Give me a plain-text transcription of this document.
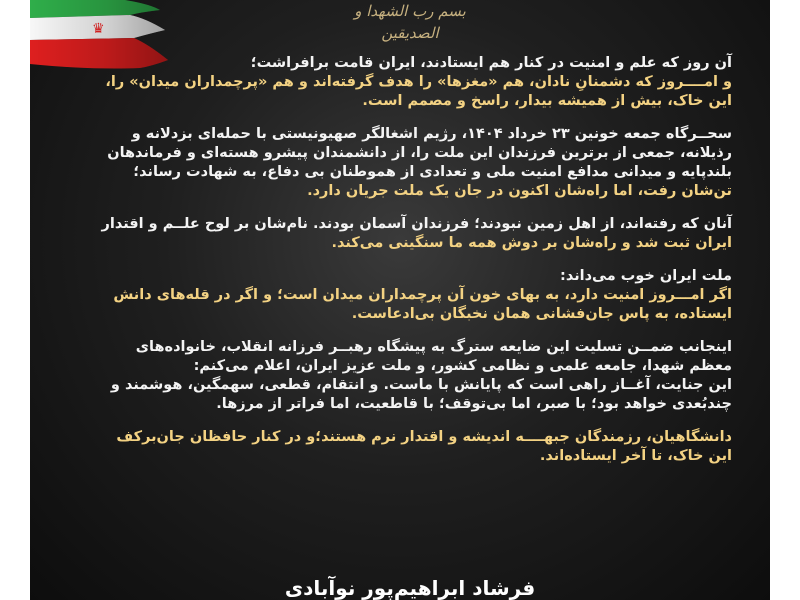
♛
بسم رب الشهدا و الصدیقین
آن روز که علم و امنیت در کنار هم ایستادند، ایران قامت برافراشت؛
و امــــروز که دشمنانِ نادان، هم «مغزها» را هدف گرفته‌اند و هم «پرچمداران میدان» را،
این خاک، بیش از همیشه بیدار، راسخ و مصمم است.
سحــرگاه جمعه خونین ۲۳ خرداد ۱۴۰۴، رژیم اشغالگر صهیونیستی با حمله‌ای بزدلانه و
رذیلانه، جمعی از برترین فرزندان این ملت را، از دانشمندان پیشرو هسته‌ای و فرماندهان
بلندپایه و میدانی مدافع امنیت ملی و تعدادی از هموطنان بی دفاع، به شهادت رساند؛
تن‌شان رفت، اما راه‌شان اکنون در جان یک ملت جریان دارد.
آنان که رفته‌اند، از اهل زمین نبودند؛ فرزندان آسمان بودند. نام‌شان بر لوح علــم و اقتدار
ایران ثبت شد و راه‌شان بر دوش همه ما سنگینی می‌کند.
ملت ایران خوب می‌داند:
اگر امـــروز امنیت دارد، به بهای خون آن پرچمداران میدان است؛ و اگر در قله‌های دانش
ایستاده، به پاس جان‌فشانی همان نخبگان بی‌ادعاست.
اینجانب ضمــن تسلیت این ضایعه سترگ به پیشگاه رهبــر فرزانه انقلاب، خانواده‌های
معظم شهدا، جامعه علمی و نظامی کشور، و ملت عزیز ایران، اعلام می‌کنم:
این جنایت، آغــاز راهی است که پایانش با ماست. و انتقام، قطعی، سهمگین، هوشمند و
چندبُعدی خواهد بود؛ با صبر، اما بی‌توقف؛ با قاطعیت، اما فراتر از مرزها.
دانشگاهیان، رزمندگان جبهــــه اندیشه و اقتدار نرم هستند؛و در کنار حافظان جان‌برکف
این خاک، تا آخر ایستاده‌اند.
فرشاد ابراهیم‌پور نوآبادی
